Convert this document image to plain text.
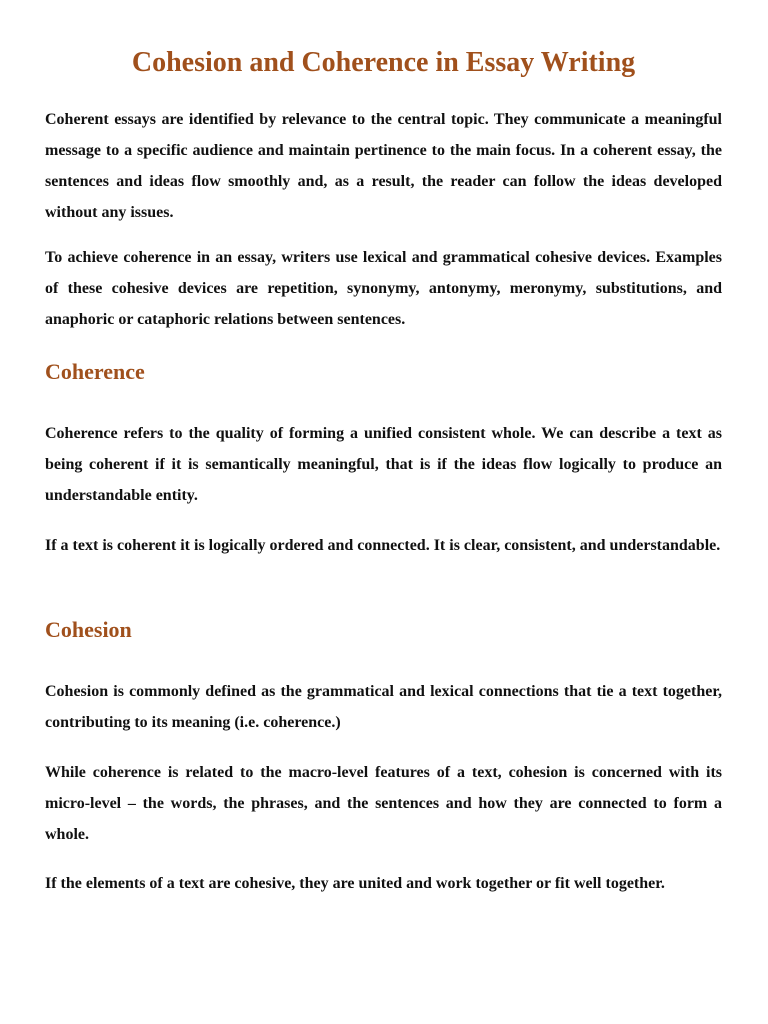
Cohesion and Coherence in Essay Writing

Coherent essays are identified by relevance to the central topic. They communicate a meaningful message to a specific audience and maintain pertinence to the main focus. In a coherent essay, the sentences and ideas flow smoothly and, as a result, the reader can follow the ideas developed without any issues.

To achieve coherence in an essay, writers use lexical and grammatical cohesive devices. Examples of these cohesive devices are repetition, synonymy, antonymy, meronymy, substitutions, and anaphoric or cataphoric relations between sentences.

Coherence

Coherence refers to the quality of forming a unified consistent whole. We can describe a text as being coherent if it is semantically meaningful, that is if the ideas flow logically to produce an understandable entity.

If a text is coherent it is logically ordered and connected. It is clear, consistent, and understandable.

Cohesion

Cohesion is commonly defined as the grammatical and lexical connections that tie a text together, contributing to its meaning (i.e. coherence.)

While coherence is related to the macro-level features of a text, cohesion is concerned with its micro-level – the words, the phrases, and the sentences and how they are connected to form a whole.

If the elements of a text are cohesive, they are united and work together or fit well together.
